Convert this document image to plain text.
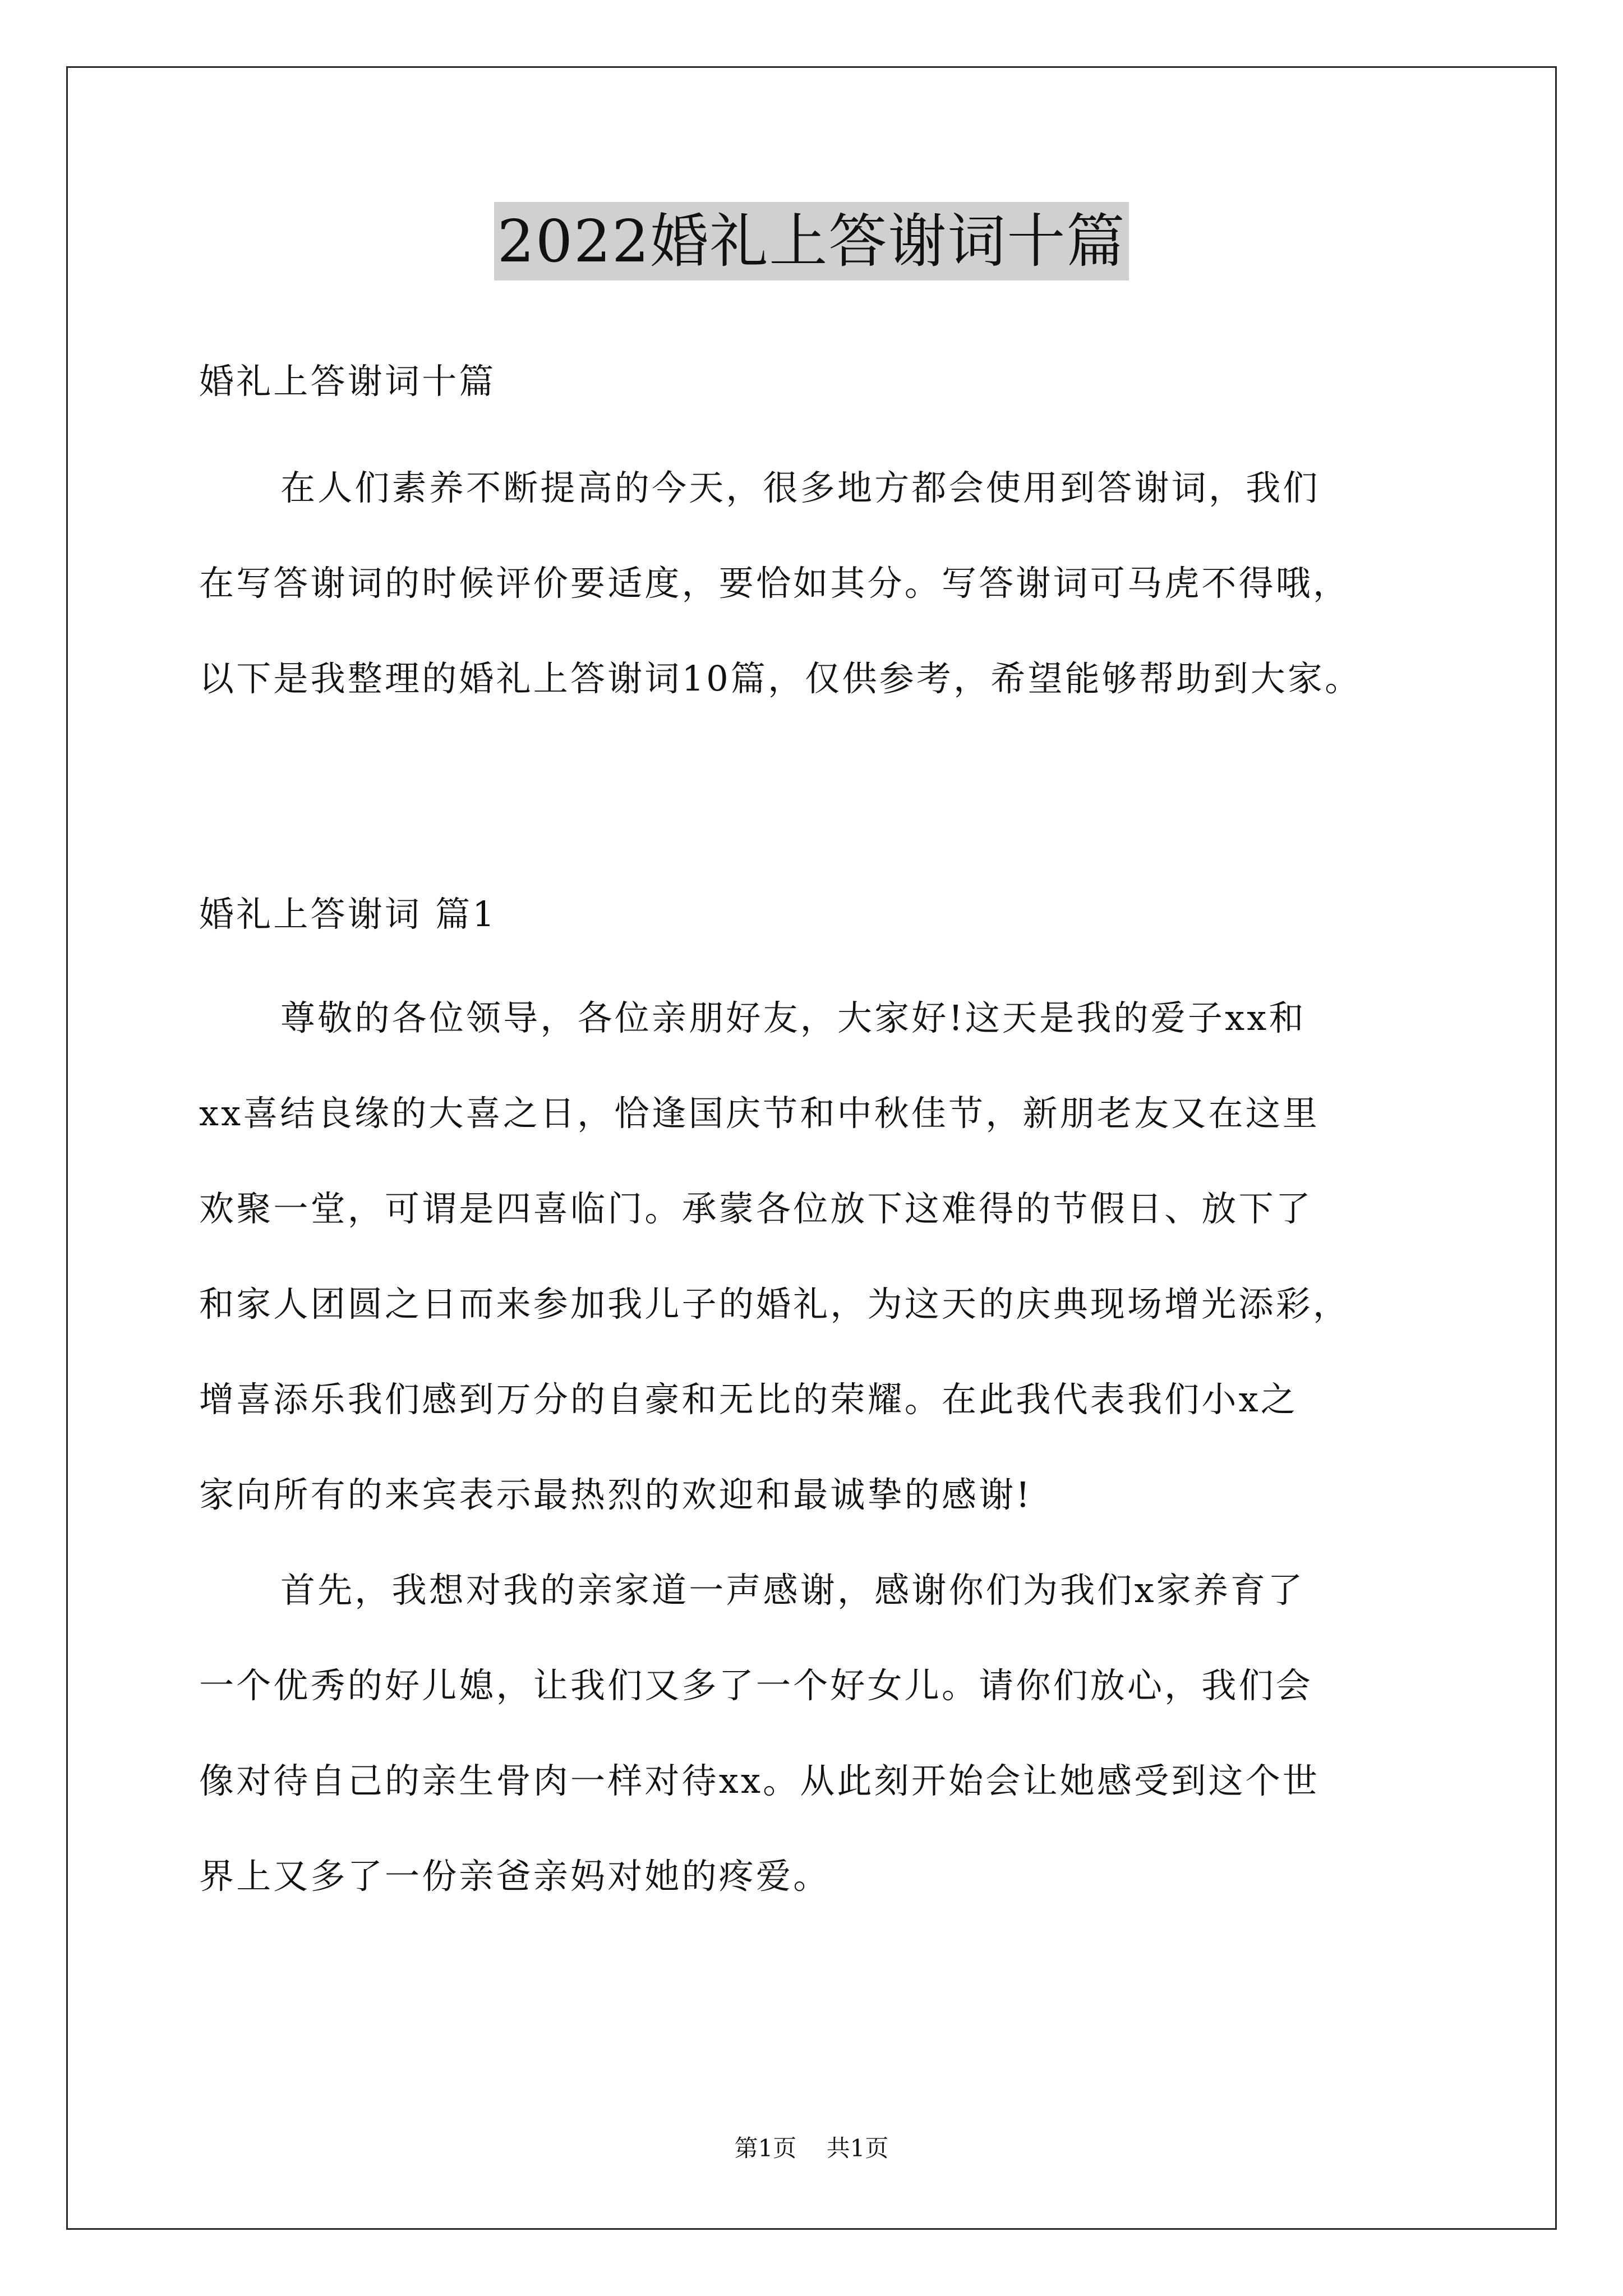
2022婚礼上答谢词十篇
婚礼上答谢词十篇
在人们素养不断提高的今天，很多地方都会使用到答谢词，我们
在写答谢词的时候评价要适度，要恰如其分。写答谢词可马虎不得哦，
以下是我整理的婚礼上答谢词10篇，仅供参考，希望能够帮助到大家。
婚礼上答谢词 篇1
尊敬的各位领导，各位亲朋好友，大家好!这天是我的爱子xx和
xx喜结良缘的大喜之日，恰逢国庆节和中秋佳节，新朋老友又在这里
欢聚一堂，可谓是四喜临门。承蒙各位放下这难得的节假日、放下了
和家人团圆之日而来参加我儿子的婚礼，为这天的庆典现场增光添彩，
增喜添乐我们感到万分的自豪和无比的荣耀。在此我代表我们小x之
家向所有的来宾表示最热烈的欢迎和最诚挚的感谢!
首先，我想对我的亲家道一声感谢，感谢你们为我们x家养育了
一个优秀的好儿媳，让我们又多了一个好女儿。请你们放心，我们会
像对待自己的亲生骨肉一样对待xx。从此刻开始会让她感受到这个世
界上又多了一份亲爸亲妈对她的疼爱。
第1页 共1页
